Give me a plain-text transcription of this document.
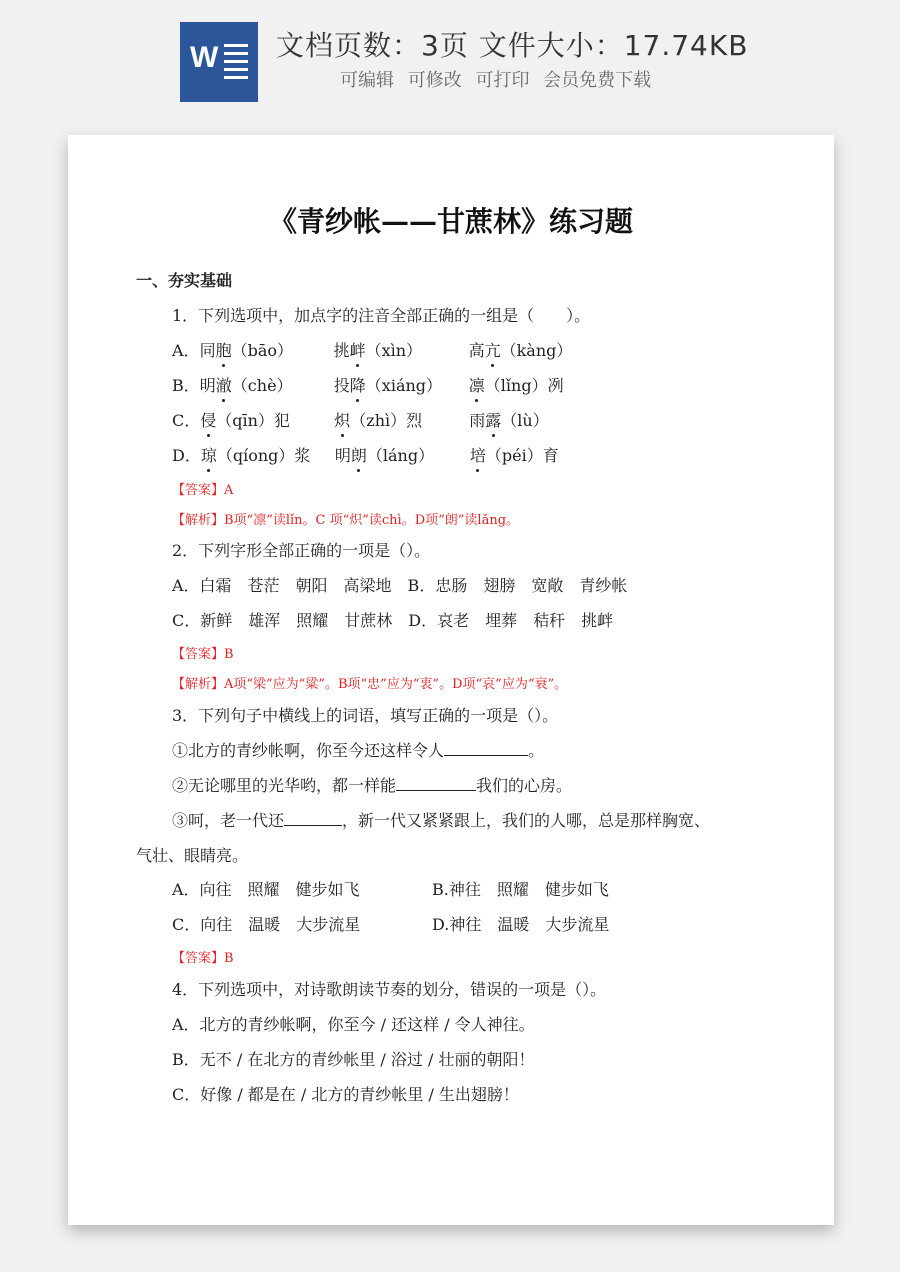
W 文档页数：3页 文件大小：17.74KB
可编辑 可修改 可打印 会员免费下载
《青纱帐——甘蔗林》练习题
一、夯实基础
1．下列选项中，加点字的注音全部正确的一组是（　　）。
A．同胞（bāo）	挑衅（xìn）	高亢（kàng）
B．明澈（chè）	投降（xiáng） 凛（lǐng）冽
C．侵（qīn）犯	炽（zhì）烈	雨露（lù）
D．琼（qíong）浆 明朗（láng） 培（péi）育
【答案】A
【解析】B项“凛”读lǐn。C 项“炽”读chì。D项“朗”读lǎng。
2．下列字形全部正确的一项是（）。
A．白霜　苍茫　朝阳　高梁地　B．忠肠　翅膀　宽敞　青纱帐
C．新鲜　雄浑　照耀　甘蔗林　D．哀老　埋葬　秸秆　挑衅
【答案】B
【解析】A项“梁”应为“粱”。B项“忠”应为“衷”。D项“哀”应为“衰”。
3．下列句子中横线上的词语，填写正确的一项是（）。
①北方的青纱帐啊，你至今还这样令人	。
②无论哪里的光华哟，都一样能	我们的心房。
③呵，老一代还	，新一代又紧紧跟上，我们的人哪，总是那样胸宽、
气壮、眼睛亮。
A．向往　照耀　健步如飞	B.神往　照耀　健步如飞
C．向往　温暖　大步流星	D.神往　温暖　大步流星
【答案】B
4．下列选项中，对诗歌朗读节奏的划分，错误的一项是（）。
A．北方的青纱帐啊，你至今 / 还这样 / 令人神往。
B．无不 / 在北方的青纱帐里 / 浴过 / 壮丽的朝阳！
C．好像 / 都是在 / 北方的青纱帐里 / 生出翅膀！
